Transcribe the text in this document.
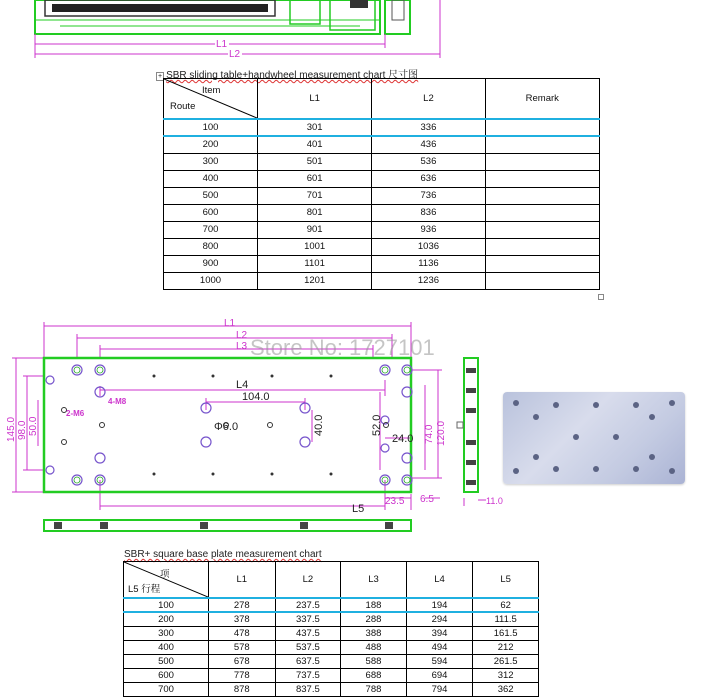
L1
L2
+ SBR sliding table+handwheel measurement chart 尺寸图
Item
Route	L1	L2	Remark
100	301	336	
200	401	436	
300	501	536	
400	601	636	
500	701	736	
600	801	836	
700	901	936	
800	1001	1036	
900	1101	1136	
1000	1201	1236	
L1
L2
L3
145.0 98.0 50.0
2-M6
4-M8
6.5	11.0
23.5
74.0 120.0
L4
104.0
Φ6.0	40.0	52.0
24.0
L5
Store No: 1727101
SBR+ square base plate measurement chart
项
L5 行程	L1	L2	L3	L4	L5
100	278	237.5	188	194	62
200	378	337.5	288	294	111.5
300	478	437.5	388	394	161.5
400	578	537.5	488	494	212
500	678	637.5	588	594	261.5
600	778	737.5	688	694	312
700	878	837.5	788	794	362
